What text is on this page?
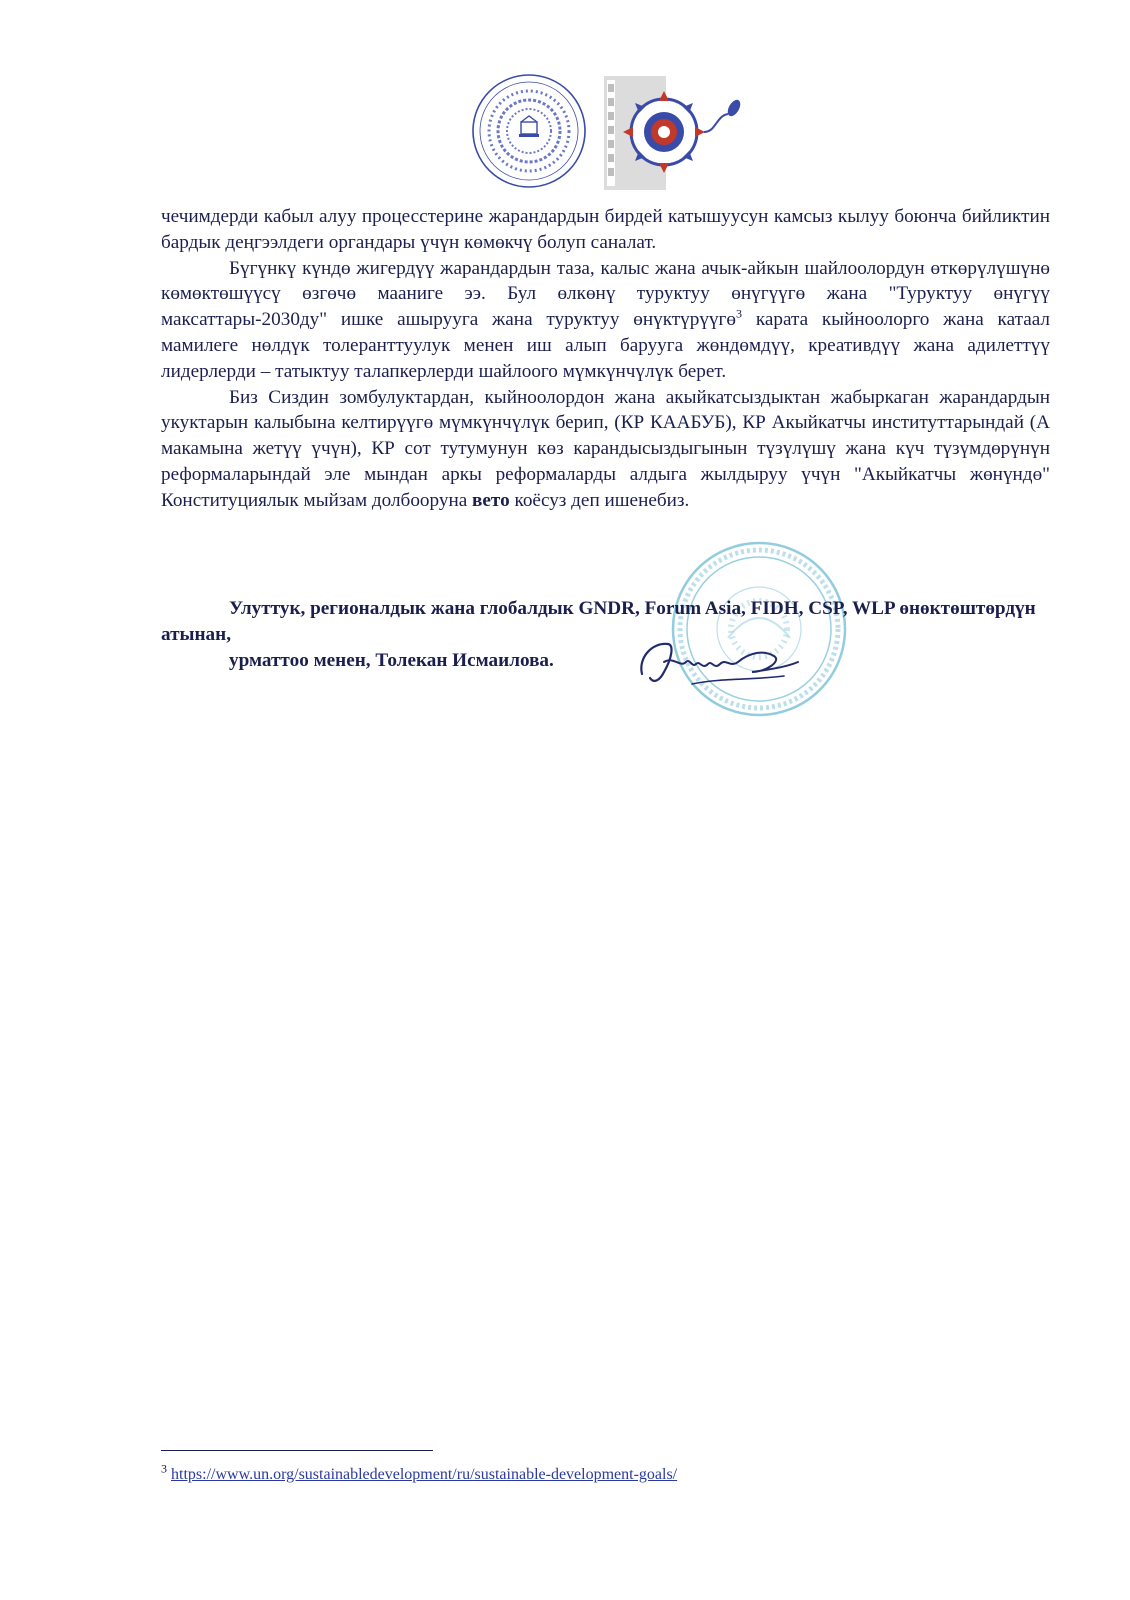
чечимдерди кабыл алуу процесстерине жарандардын бирдей катышуусун камсыз кылуу боюнча бийликтин бардык деңгээлдеги органдары үчүн көмөкчү болуп саналат.

Бүгүнкү күндө жигердүү жарандардын таза, калыс жана ачык-айкын шайлоолордун өткөрүлүшүнө көмөктөшүүсү өзгөчө мааниге ээ. Бул өлкөнү туруктуу өнүгүүгө жана "Туруктуу өнүгүү максаттары-2030ду" ишке ашырууга жана туруктуу өнүктүрүүгө$^3$ карата кыйноолорго жана катаал мамилеге нөлдүк толеранттуулук менен иш алып барууга жөндөмдүү, креативдүү жана адилеттүү лидерлерди – татыктуу талапкерлерди шайлоого мүмкүнчүлүк берет.

Биз Сиздин зомбулуктардан, кыйноолордон жана акыйкатсыздыктан жабыркаган жарандардын укуктарын калыбына келтирүүгө мүмкүнчүлүк берип, (КР КААБУБ), КР Акыйкатчы институттарындай (А макамына жетүү үчүн), КР сот тутумунун көз карандысыздыгынын түзүлүшү жана күч түзүмдөрүнүн реформаларындай эле мындан аркы реформаларды алдыга жылдыруу үчүн "Акыйкатчы жөнүндө" Конституциялык мыйзам долбооруна вето коёсуз деп ишенебиз.

Улуттук, регионалдык жана глобалдык GNDR, Forum Asia, FIDH, CSP, WLP өнөктөштөрдүн атынан,

урматтоо менен, Толекан Исмаилова.

$^3$ https://www.un.org/sustainabledevelopment/ru/sustainable-development-goals/
